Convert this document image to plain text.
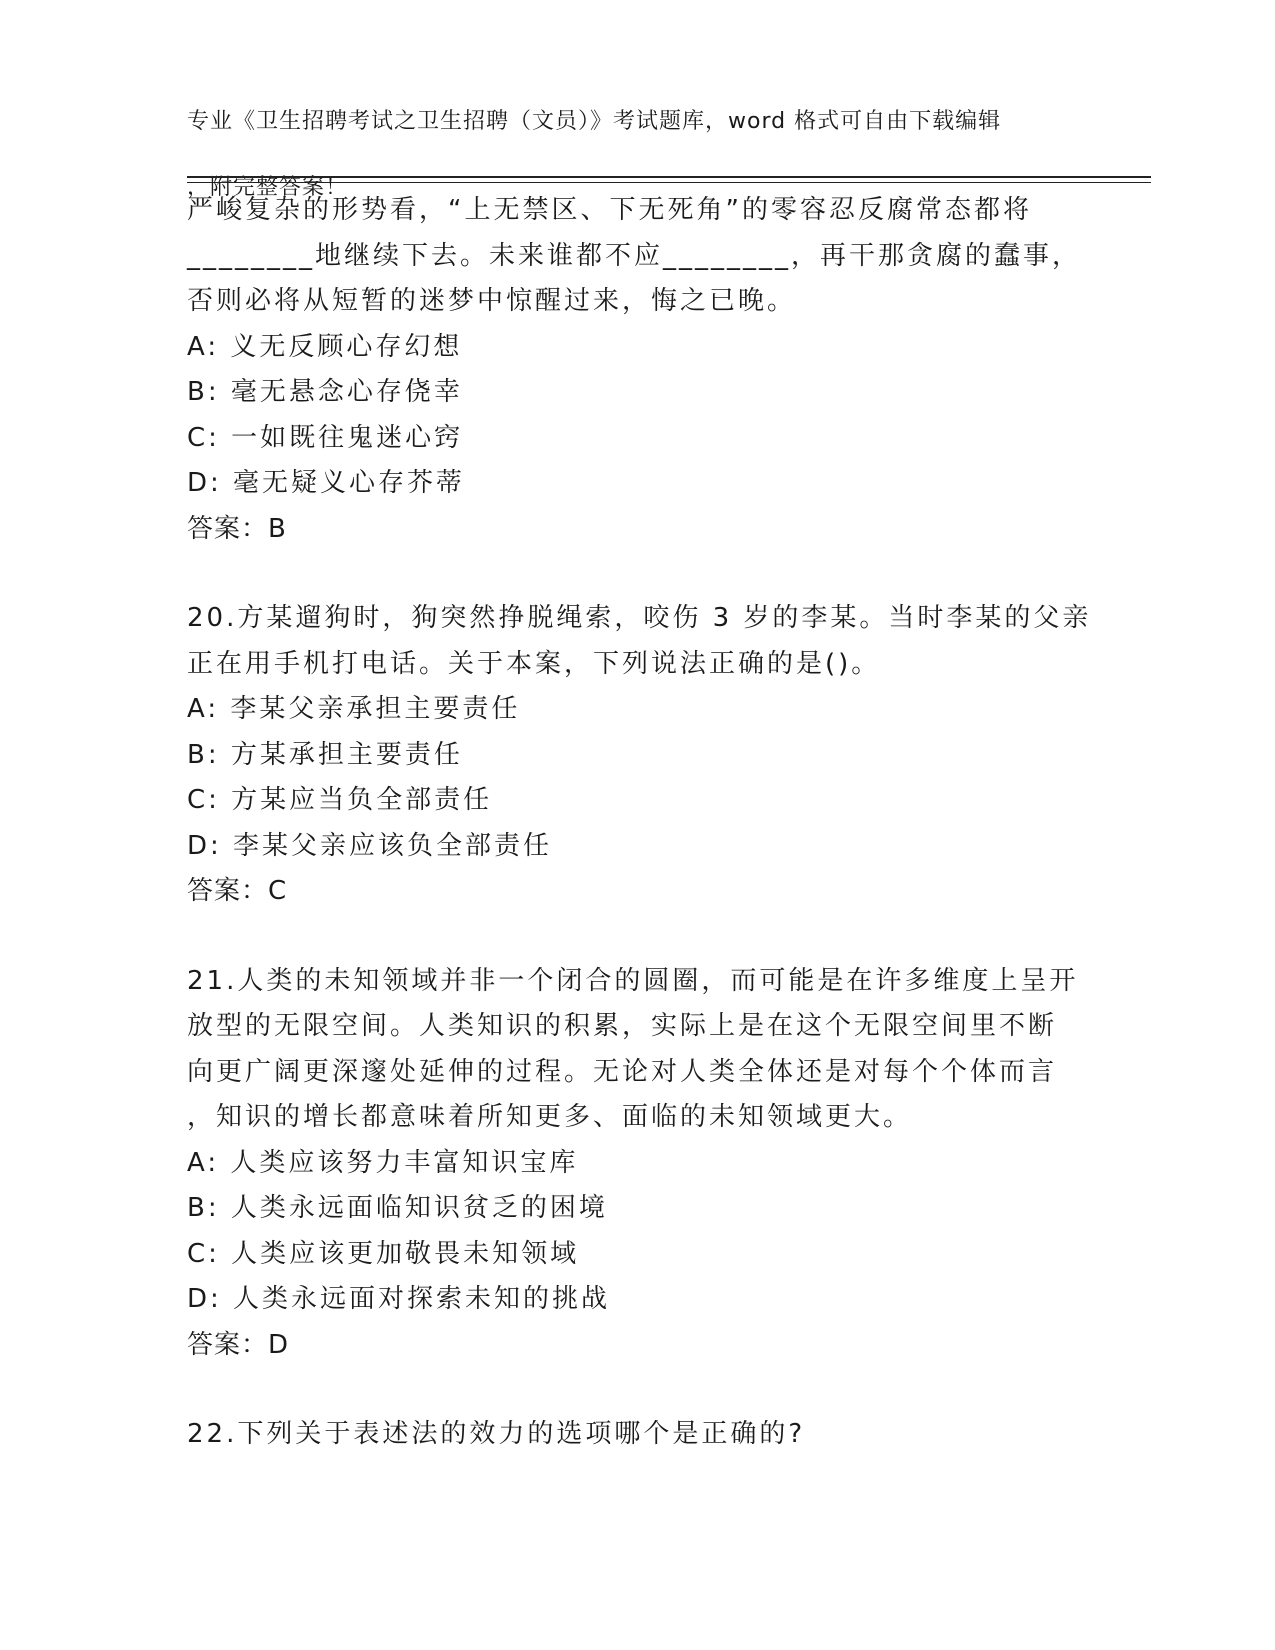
专业《卫生招聘考试之卫生招聘（文员）》考试题库，word 格式可自由下载编辑

，附完整答案！

严峻复杂的形势看，“上无禁区、下无死角”的零容忍反腐常态都将
________地继续下去。未来谁都不应________，再干那贪腐的蠢事，
否则必将从短暂的迷梦中惊醒过来，悔之已晚。
A: 义无反顾心存幻想
B: 毫无悬念心存侥幸
C: 一如既往鬼迷心窍
D: 毫无疑义心存芥蒂
答案：B
20.方某遛狗时，狗突然挣脱绳索，咬伤 3 岁的李某。当时李某的父亲
正在用手机打电话。关于本案，下列说法正确的是()。
A: 李某父亲承担主要责任
B: 方某承担主要责任
C: 方某应当负全部责任
D: 李某父亲应该负全部责任
答案：C
21.人类的未知领域并非一个闭合的圆圈，而可能是在许多维度上呈开
放型的无限空间。人类知识的积累，实际上是在这个无限空间里不断
向更广阔更深邃处延伸的过程。无论对人类全体还是对每个个体而言
，知识的增长都意味着所知更多、面临的未知领域更大。
A: 人类应该努力丰富知识宝库
B: 人类永远面临知识贫乏的困境
C: 人类应该更加敬畏未知领域
D: 人类永远面对探索未知的挑战
答案：D
22.下列关于表述法的效力的选项哪个是正确的?
